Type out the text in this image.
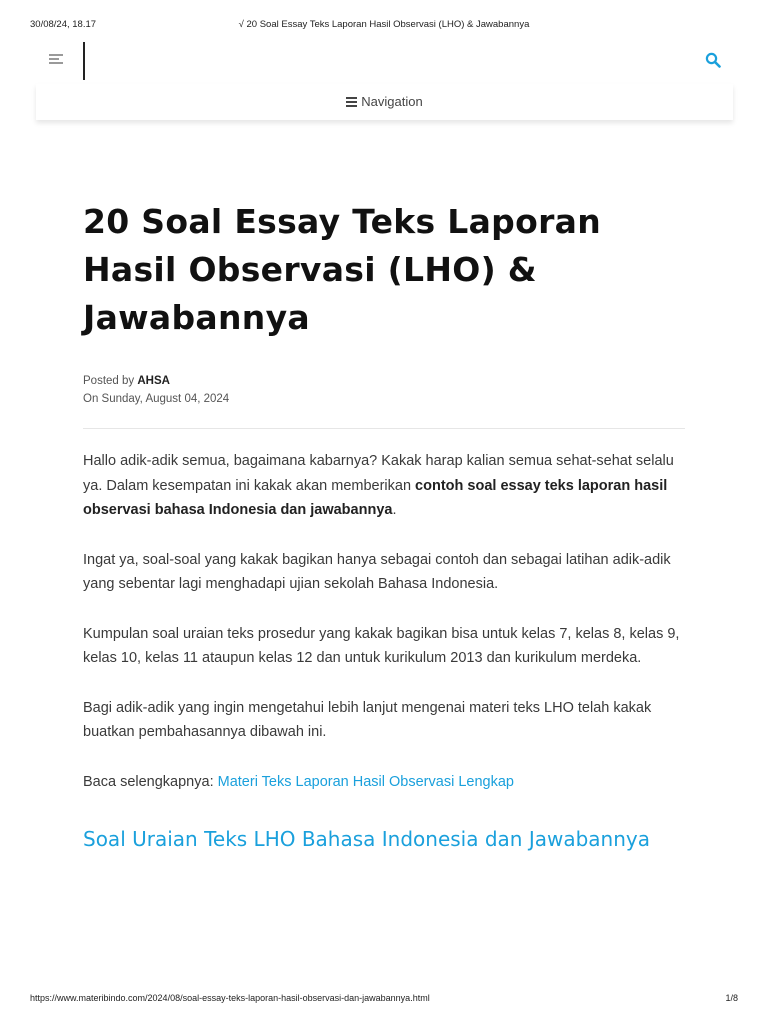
30/08/24, 18.17	√ 20 Soal Essay Teks Laporan Hasil Observasi (LHO) & Jawabannya
Navigation
20 Soal Essay Teks Laporan Hasil Observasi (LHO) & Jawabannya
Posted by AHSA
On Sunday, August 04, 2024

Hallo adik-adik semua, bagaimana kabarnya? Kakak harap kalian semua sehat-sehat selalu ya. Dalam kesempatan ini kakak akan memberikan contoh soal essay teks laporan hasil observasi bahasa Indonesia dan jawabannya.

Ingat ya, soal-soal yang kakak bagikan hanya sebagai contoh dan sebagai latihan adik-adik yang sebentar lagi menghadapi ujian sekolah Bahasa Indonesia.

Kumpulan soal uraian teks prosedur yang kakak bagikan bisa untuk kelas 7, kelas 8, kelas 9, kelas 10, kelas 11 ataupun kelas 12 dan untuk kurikulum 2013 dan kurikulum merdeka.

Bagi adik-adik yang ingin mengetahui lebih lanjut mengenai materi teks LHO telah kakak buatkan pembahasannya dibawah ini.

Baca selengkapnya: Materi Teks Laporan Hasil Observasi Lengkap

Soal Uraian Teks LHO Bahasa Indonesia dan Jawabannya
https://www.materibindo.com/2024/08/soal-essay-teks-laporan-hasil-observasi-dan-jawabannya.html	1/8
